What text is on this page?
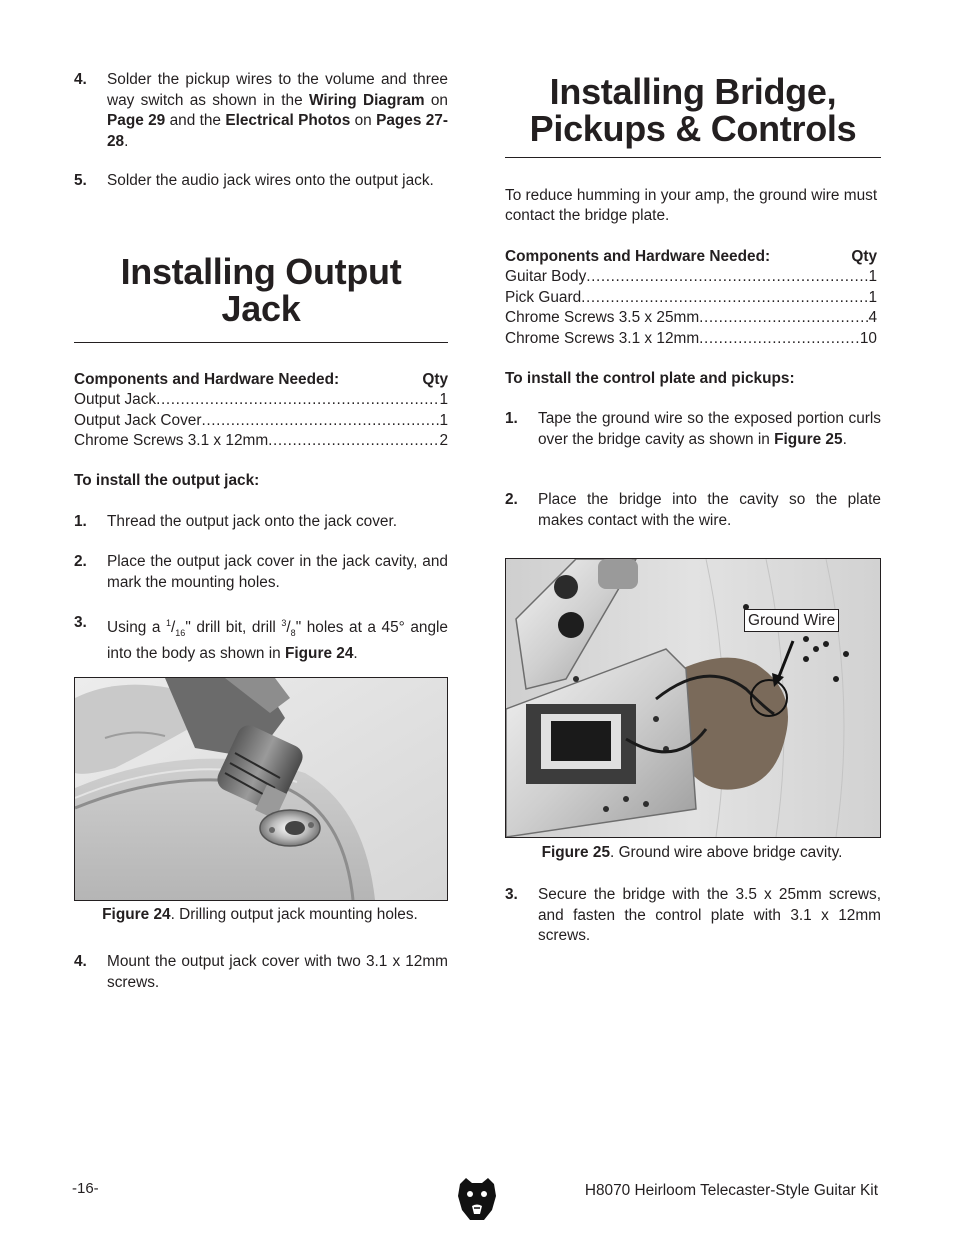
4. Solder the pickup wires to the volume and three way switch as shown in the Wiring Diagram on Page 29 and the Electrical Photos on Pages 27-28.
5. Solder the audio jack wires onto the output jack.
Installing Output
Jack
Components and Hardware Needed:	Qty
Output Jack .....	1
Output Jack Cover .....	1
Chrome Screws 3.1 x 12mm .....	2
To install the output jack:
1. Thread the output jack onto the jack cover.
2. Place the output jack cover in the jack cavity, and mark the mounting holes.
3. Using a $^1/_{16}$" drill bit, drill $^3/_8$" holes at a 45° angle into the body as shown in Figure 24.
Figure 24. Drilling output jack mounting holes.
4. Mount the output jack cover with two 3.1 x 12mm screws.
Installing Bridge,
Pickups & Controls
To reduce humming in your amp, the ground wire must contact the bridge plate.
Components and Hardware Needed:	Qty
Guitar Body .....	1
Pick Guard .....	1
Chrome Screws 3.5 x 25mm .....	4
Chrome Screws 3.1 x 12mm .....	10
To install the control plate and pickups:
1. Tape the ground wire so the exposed portion curls over the bridge cavity as shown in Figure 25.
2. Place the bridge into the cavity so the plate makes contact with the wire.
Ground Wire
Figure 25. Ground wire above bridge cavity.
3. Secure the bridge with the 3.5 x 25mm screws, and fasten the control plate with 3.1 x 12mm screws.
-16-	H8070 Heirloom Telecaster-Style Guitar Kit
